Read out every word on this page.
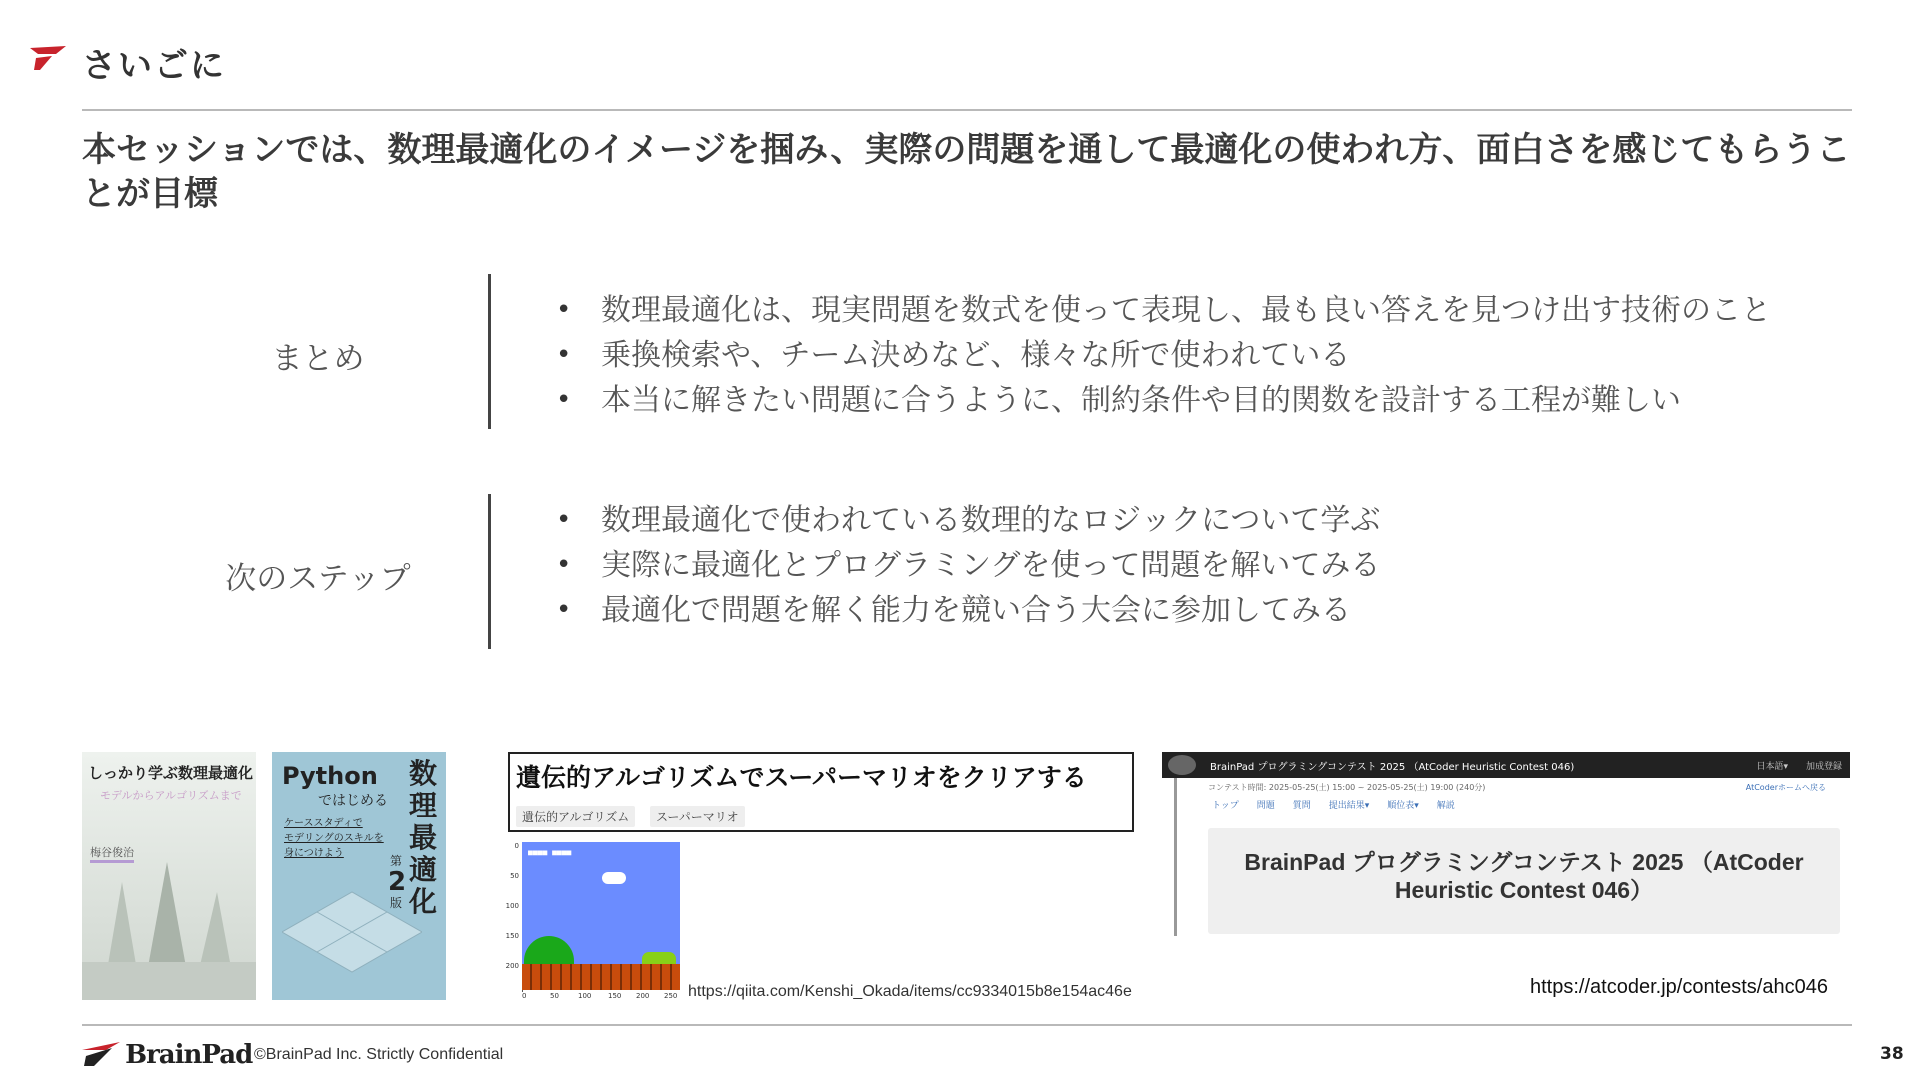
さいごに
本セッションでは、数理最適化のイメージを掴み、実際の問題を通して最適化の使われ方、面白さを感じてもらうことが目標
まとめ
• 数理最適化は、現実問題を数式を使って表現し、最も良い答えを見つけ出す技術のこと
• 乗換検索や、チーム決めなど、様々な所で使われている
• 本当に解きたい問題に合うように、制約条件や目的関数を設計する工程が難しい
次のステップ
• 数理最適化で使われている数理的なロジックについて学ぶ
• 実際に最適化とプログラミングを使って問題を解いてみる
• 最適化で問題を解く能力を競い合う大会に参加してみる
しっかり学ぶ数理最適化
モデルからアルゴリズムまで
梅谷俊治
Python
ではじめる
数理最適化
ケーススタディで
モデリングのスキルを
身につけよう
第
2
版
遺伝的アルゴリズムでスーパーマリオをクリアする
遺伝的アルゴリズム	スーパーマリオ
0
50
100
150
200
■■■■ ■■■■
0	50	100 150 200 250 https://qiita.com/Kenshi_Okada/items/cc9334015b8e154ac46e
BrainPad プログラミングコンテスト 2025 （AtCoder Heuristic Contest 046)	日本語▾　　加成登録
コンテスト時間: 2025-05-25(土) 15:00 ~ 2025-05-25(土) 19:00 (240分)	AtCoderホームへ戻る
トップ　　問題　　質問　　提出結果▾　　順位表▾　　解説
BrainPad プログラミングコンテスト 2025 （AtCoder Heuristic Contest 046）
https://atcoder.jp/contests/ahc046
BrainPad ©BrainPad Inc. Strictly Confidential	38
